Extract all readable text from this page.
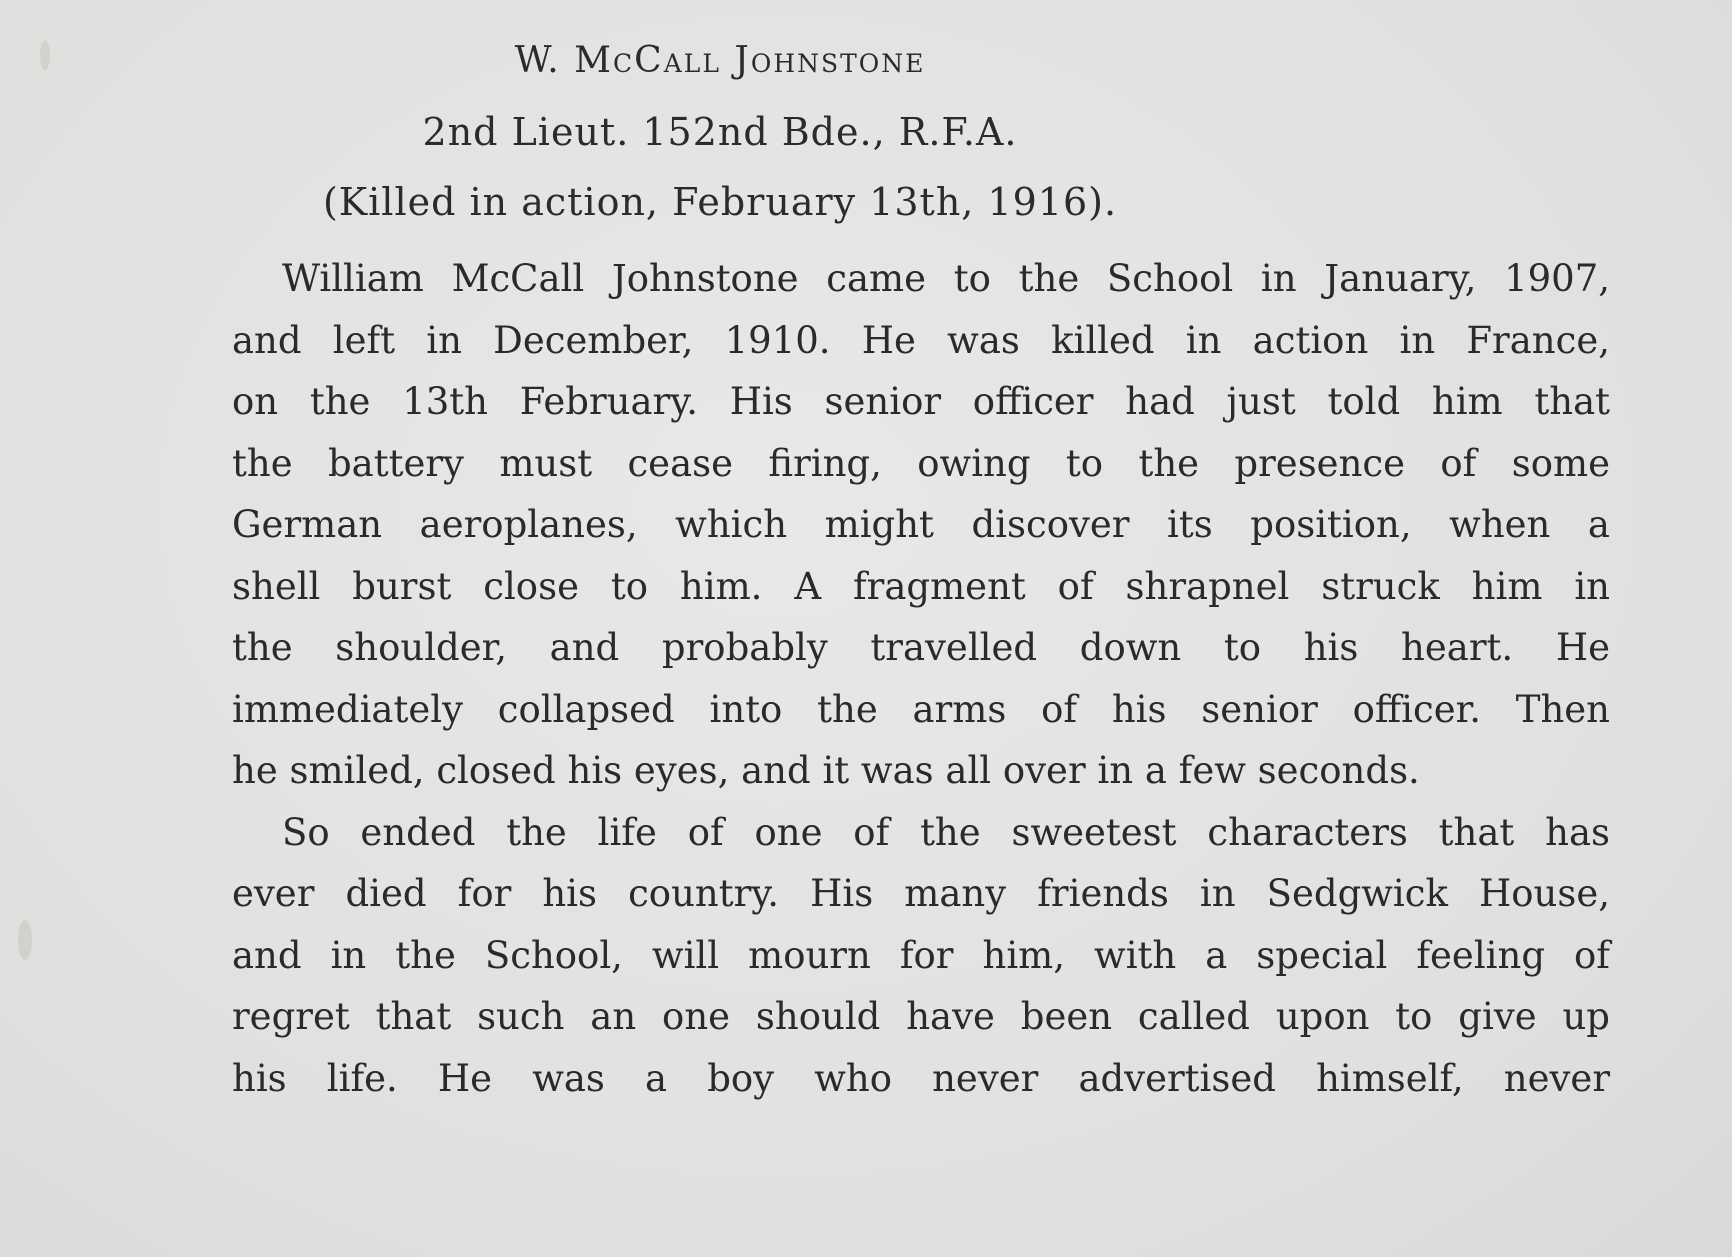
W. McCall Johnstone
2nd Lieut. 152nd Bde., R.F.A.
(Killed in action, February 13th, 1916).
William McCall Johnstone came to the School in January, 1907,
and left in December, 1910. He was killed in action in France,
on the 13th February. His senior officer had just told him that
the battery must cease firing, owing to the presence of some
German aeroplanes, which might discover its position, when a
shell burst close to him. A fragment of shrapnel struck him in
the shoulder, and probably travelled down to his heart. He
immediately collapsed into the arms of his senior officer. Then
he smiled, closed his eyes, and it was all over in a few seconds.
So ended the life of one of the sweetest characters that has
ever died for his country. His many friends in Sedgwick House,
and in the School, will mourn for him, with a special feeling of
regret that such an one should have been called upon to give up
his life. He was a boy who never advertised himself, never
